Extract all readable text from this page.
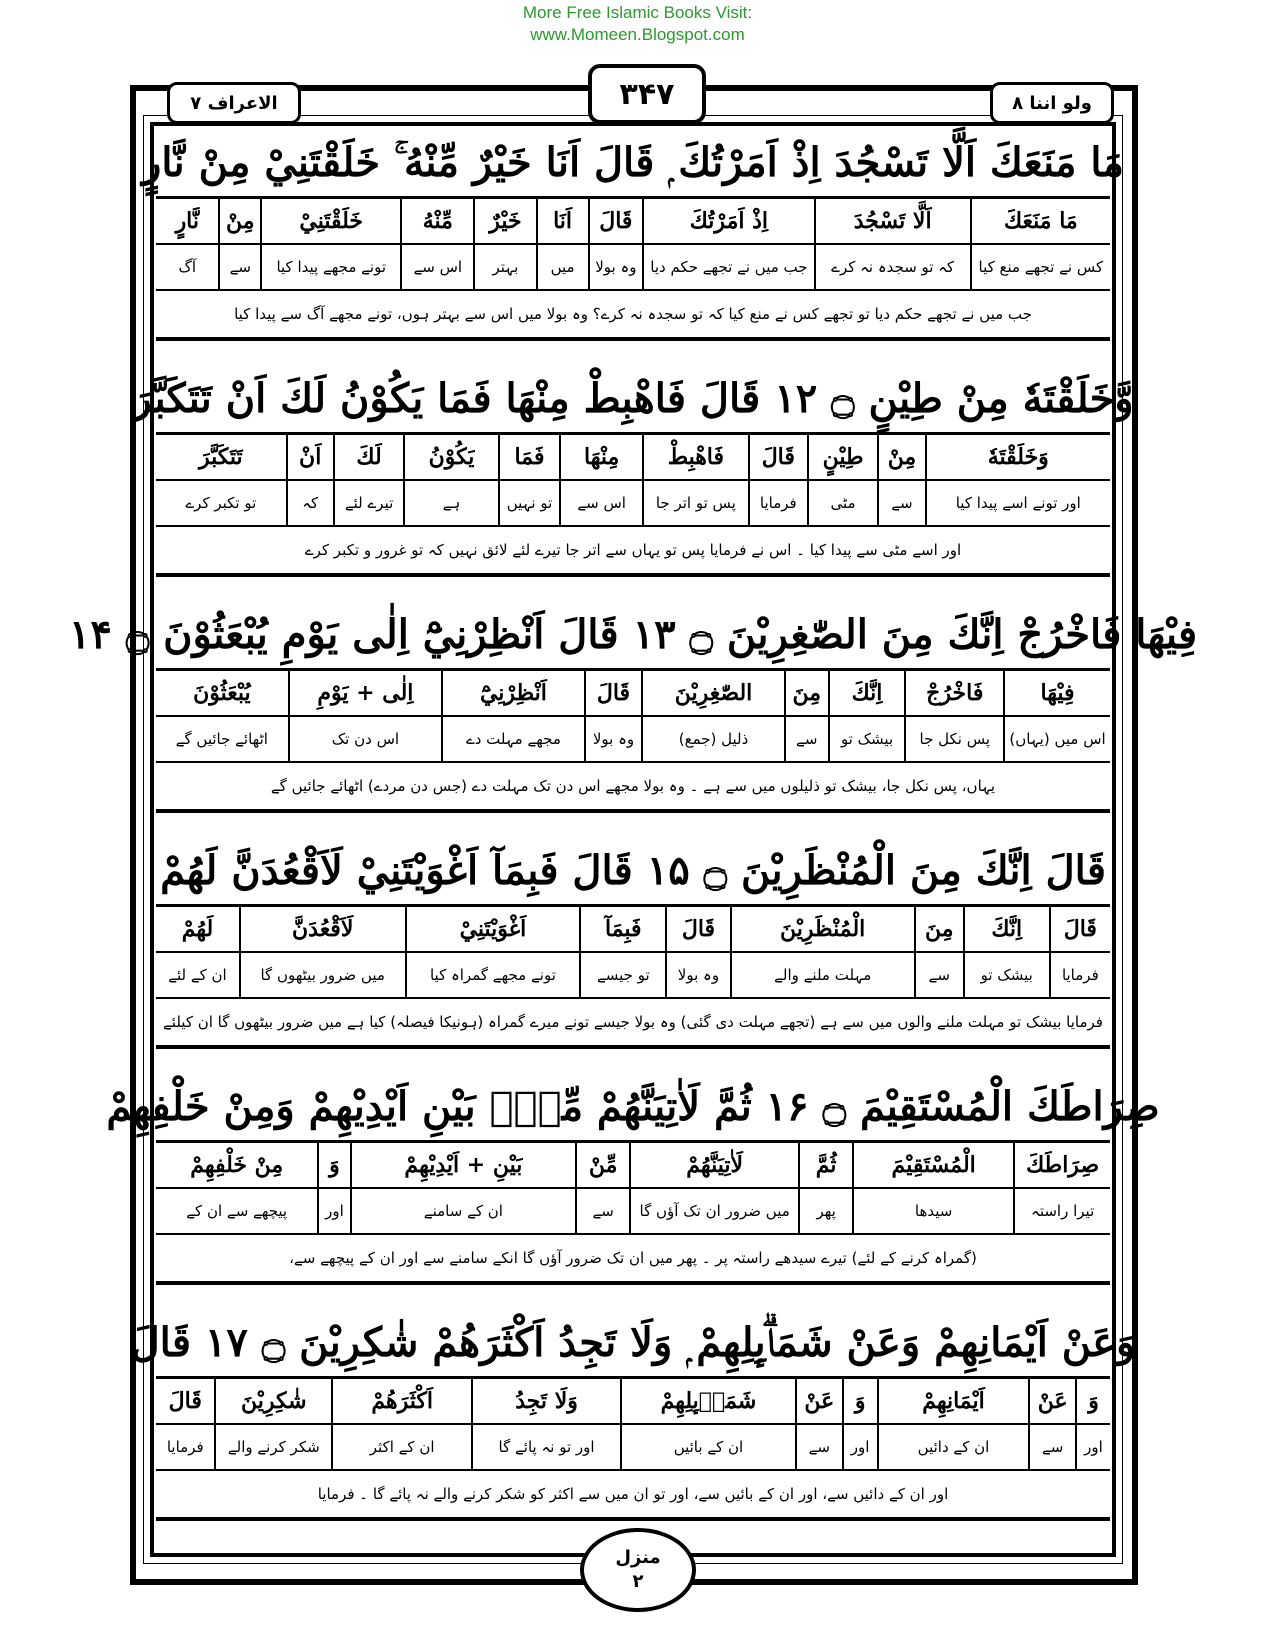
More Free Islamic Books Visit:
www.Momeen.Blogspot.com
الاعراف ۷	۳۴۷	ولو اننا ۸
مَا مَنَعَكَ اَلَّا تَسْجُدَ اِذْ اَمَرْتُكَ ۭ قَالَ اَنَا خَيْرٌ مِّنْهُ ۚ خَلَقْتَنِيْ مِنْ نَّارٍ
مَا مَنَعَكَ
اَلَّا تَسْجُدَ
اِذْ اَمَرْتُكَ
قَالَ
اَنَا
خَيْرٌ
مِّنْهُ
خَلَقْتَنِيْ
مِنْ
نَّارٍ
کس نے تجھے منع کیا
کہ تو سجدہ نہ کرے
جب میں نے تجھے حکم دیا
وہ بولا
میں
بہتر
اس سے
تونے مجھے پیدا کیا
سے
آگ
جب میں نے تجھے حکم دیا تو تجھے کس نے منع کیا کہ تو سجدہ نہ کرے؟ وہ بولا میں اس سے بہتر ہوں، تونے مجھے آگ سے پیدا کیا
وَّخَلَقْتَهٗ مِنْ طِيْنٍ ۝ ۱۲ قَالَ فَاهْبِطْ مِنْهَا فَمَا يَكُوْنُ لَكَ اَنْ تَتَكَبَّرَ
وَخَلَقْتَهٗ
مِنْ
طِيْنٍ
قَالَ
فَاهْبِطْ
مِنْهَا
فَمَا
يَكُوْنُ
لَكَ
اَنْ
تَتَكَبَّرَ
اور تونے اسے پیدا کیا
سے
مٹی
فرمایا
پس تو اتر جا
اس سے
تو نہیں
ہے
تیرے لئے
کہ
تو تکبر کرے
اور اسے مٹی سے پیدا کیا ۔ اس نے فرمایا پس تو یہاں سے اتر جا تیرے لئے لائق نہیں کہ تو غرور و تکبر کرے
فِيْهَا فَاخْرُجْ اِنَّكَ مِنَ الصّٰغِرِيْنَ ۝ ۱۳ قَالَ اَنْظِرْنِيْٓ اِلٰى يَوْمِ يُبْعَثُوْنَ ۝ ۱۴
فِيْهَا
فَاخْرُجْ
اِنَّكَ
مِنَ
الصّٰغِرِيْنَ
قَالَ
اَنْظِرْنِيْٓ
اِلٰى + يَوْمِ
يُبْعَثُوْنَ
اس میں (یہاں)
پس نکل جا
بیشک تو
سے
ذلیل (جمع)
وہ بولا
مجھے مہلت دے
اس دن تک
اٹھائے جائیں گے
یہاں، پس نکل جا، بیشک تو ذلیلوں میں سے ہے ۔ وہ بولا مجھے اس دن تک مہلت دے (جس دن مردے) اٹھائے جائیں گے
قَالَ اِنَّكَ مِنَ الْمُنْظَرِيْنَ ۝ ۱۵ قَالَ فَبِمَآ اَغْوَيْتَنِيْ لَاَقْعُدَنَّ لَهُمْ
قَالَ
اِنَّكَ
مِنَ
الْمُنْظَرِيْنَ
قَالَ
فَبِمَآ
اَغْوَيْتَنِيْ
لَاَقْعُدَنَّ
لَهُمْ
فرمایا
بیشک تو
سے
مہلت ملنے والے
وہ بولا
تو جیسے
تونے مجھے گمراہ کیا
میں ضرور بیٹھوں گا
ان کے لئے
فرمایا بیشک تو مہلت ملنے والوں میں سے ہے (تجھے مہلت دی گئی) وہ بولا جیسے تونے میرے گمراہ (ہونیکا فیصلہ) کیا ہے میں ضرور بیٹھوں گا ان کیلئے
صِرَاطَكَ الْمُسْتَقِيْمَ ۝ ۱۶ ثُمَّ لَاٰتِيَنَّهُمْ مِّنْۢ بَيْنِ اَيْدِيْهِمْ وَمِنْ خَلْفِهِمْ
صِرَاطَكَ
الْمُسْتَقِيْمَ
ثُمَّ
لَاٰتِيَنَّهُمْ
مِّنْ
بَيْنِ + اَيْدِيْهِمْ
وَ
مِنْ خَلْفِهِمْ
تیرا راستہ
سیدھا
پھر
میں ضرور ان تک آؤں گا
سے
ان کے سامنے
اور
پیچھے سے ان کے
(گمراہ کرنے کے لئے) تیرے سیدھے راستہ پر ۔ پھر میں ان تک ضرور آؤں گا انکے سامنے سے اور ان کے پیچھے سے،
وَعَنْ اَيْمَانِهِمْ وَعَنْ شَمَاۗىِٕلِهِمْ ۭ وَلَا تَجِدُ اَكْثَرَهُمْ شٰكِرِيْنَ ۝ ۱۷ قَالَ
وَ
عَنْ
اَيْمَانِهِمْ
وَ
عَنْ
شَمَاۗىِٕلِهِمْ
وَلَا تَجِدُ
اَكْثَرَهُمْ
شٰكِرِيْنَ
قَالَ
اور
سے
ان کے دائیں
اور
سے
ان کے بائیں
اور تو نہ پائے گا
ان کے اکثر
شکر کرنے والے
فرمایا
اور ان کے دائیں سے، اور ان کے بائیں سے، اور تو ان میں سے اکثر کو شکر کرنے والے نہ پائے گا ۔ فرمایا
منزل
۲
